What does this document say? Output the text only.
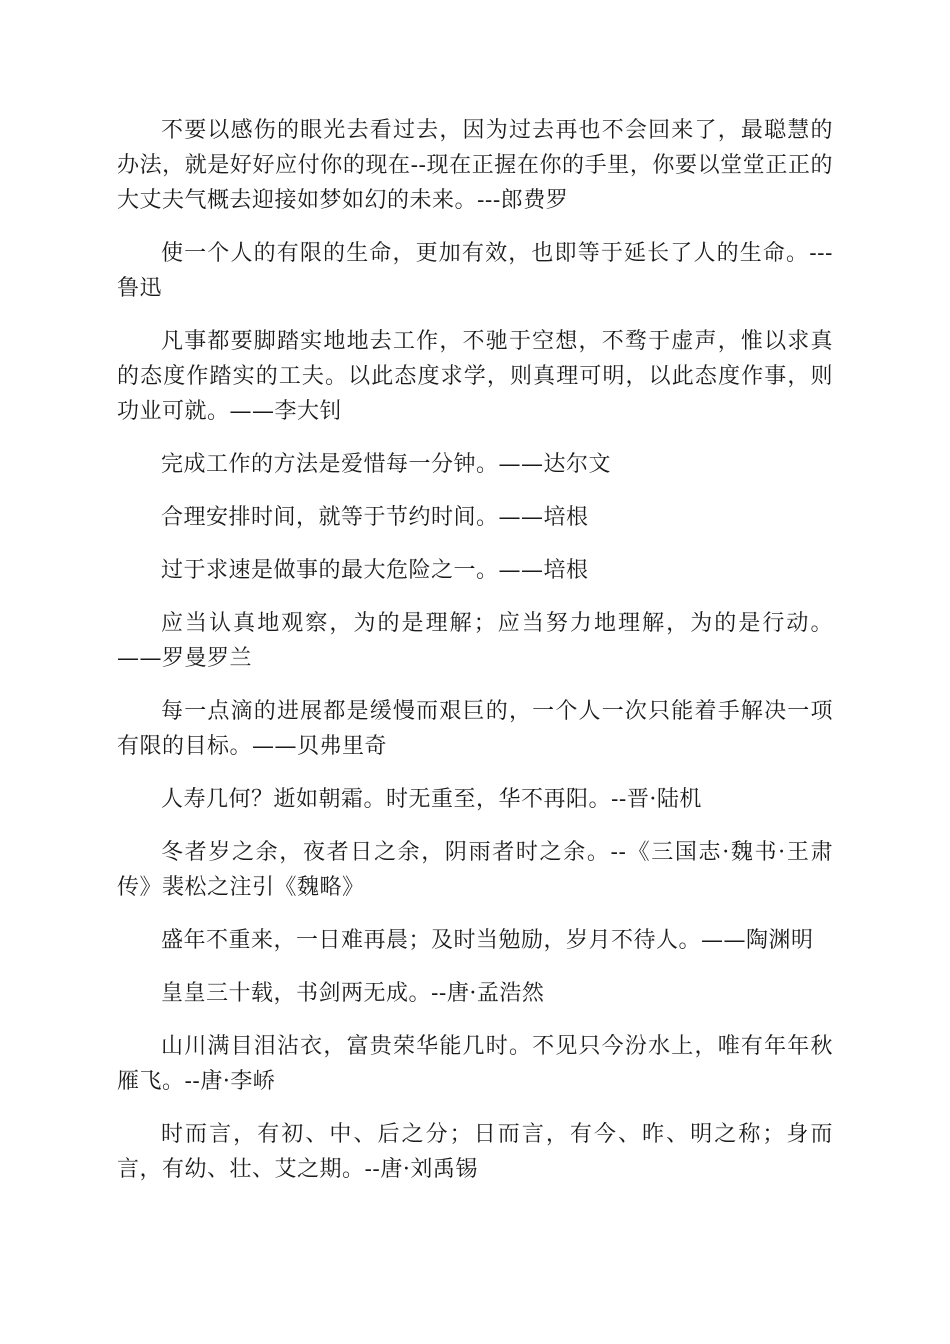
不要以感伤的眼光去看过去，因为过去再也不会回来了，最聪慧的办法，就是好好应付你的现在--现在正握在你的手里，你要以堂堂正正的大丈夫气概去迎接如梦如幻的未来。---郎费罗

使一个人的有限的生命，更加有效，也即等于延长了人的生命。---鲁迅

凡事都要脚踏实地地去工作，不驰于空想，不骛于虚声，惟以求真的态度作踏实的工夫。以此态度求学，则真理可明，以此态度作事，则功业可就。——李大钊

完成工作的方法是爱惜每一分钟。——达尔文

合理安排时间，就等于节约时间。——培根

过于求速是做事的最大危险之一。——培根

应当认真地观察，为的是理解；应当努力地理解，为的是行动。——罗曼罗兰

每一点滴的进展都是缓慢而艰巨的，一个人一次只能着手解决一项有限的目标。——贝弗里奇

人寿几何？逝如朝霜。时无重至，华不再阳。--晋·陆机

冬者岁之余，夜者日之余，阴雨者时之余。--《三国志·魏书·王肃传》裴松之注引《魏略》

盛年不重来，一日难再晨；及时当勉励，岁月不待人。——陶渊明

皇皇三十载，书剑两无成。--唐·孟浩然

山川满目泪沾衣，富贵荣华能几时。不见只今汾水上，唯有年年秋雁飞。--唐·李峤

时而言，有初、中、后之分；日而言，有今、昨、明之称；身而言，有幼、壮、艾之期。--唐·刘禹锡
